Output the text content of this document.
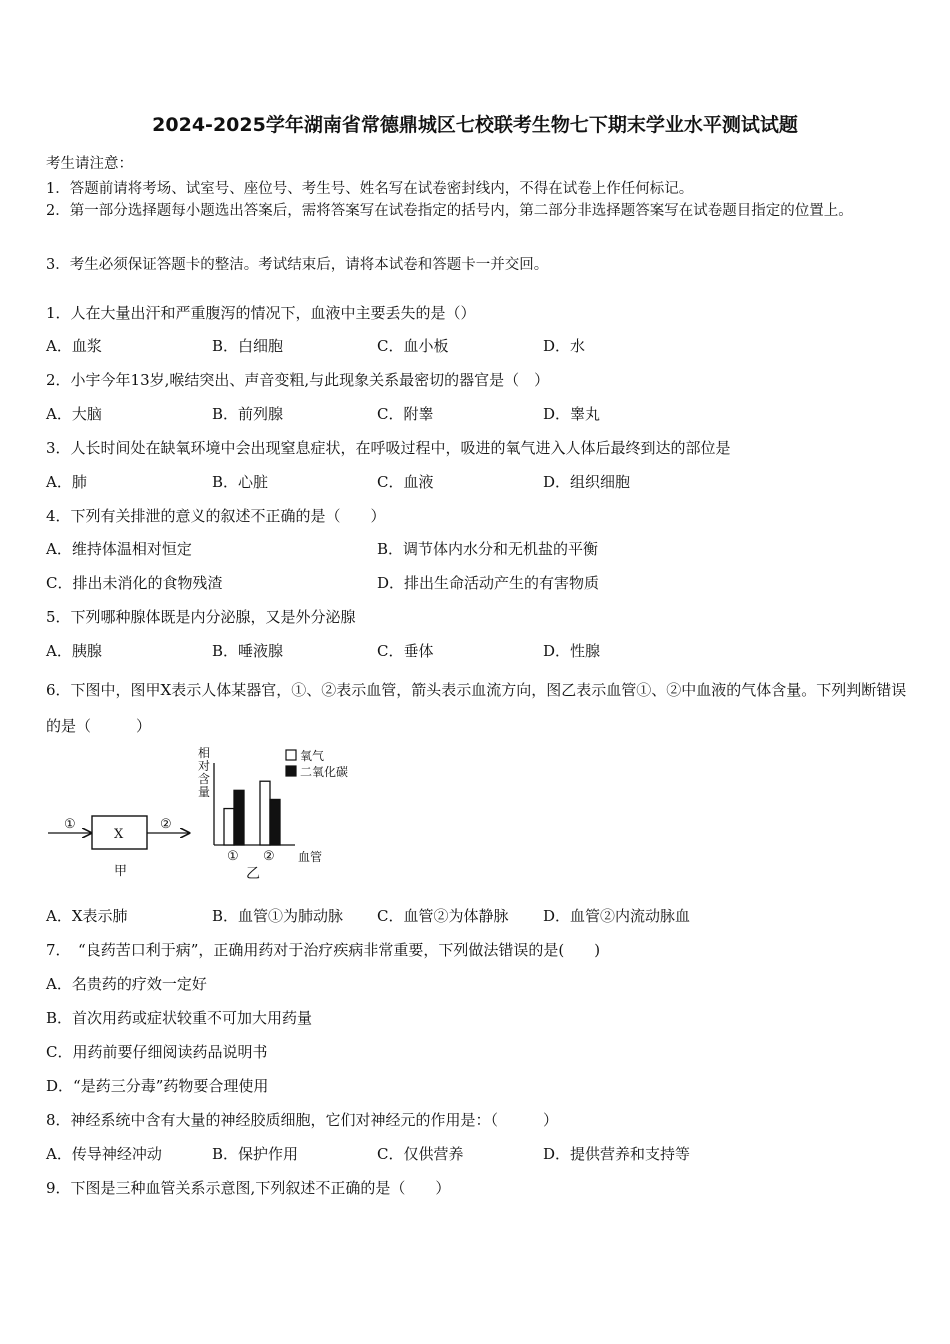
2024-2025学年湖南省常德鼎城区七校联考生物七下期末学业水平测试试题
考生请注意：
1．答题前请将考场、试室号、座位号、考生号、姓名写在试卷密封线内，不得在试卷上作任何标记。
2．第一部分选择题每小题选出答案后，需将答案写在试卷指定的括号内，第二部分非选择题答案写在试卷题目指定的位置上。
3．考生必须保证答题卡的整洁。考试结束后，请将本试卷和答题卡一并交回。
1．人在大量出汗和严重腹泻的情况下，血液中主要丢失的是（）
A．血浆	B．白细胞	C．血小板	D．水
2．小宇今年13岁,喉结突出、声音变粗,与此现象关系最密切的器官是（　）
A．大脑	B．前列腺	C．附睾	D．睾丸
3．人长时间处在缺氧环境中会出现窒息症状，在呼吸过程中，吸进的氧气进入人体后最终到达的部位是
A．肺	B．心脏	C．血液	D．组织细胞
4．下列有关排泄的意义的叙述不正确的是（　　）
A．维持体温相对恒定	B．调节体内水分和无机盐的平衡
C．排出未消化的食物残渣	D．排出生命活动产生的有害物质
5．下列哪种腺体既是内分泌腺，又是外分泌腺
A．胰腺	B．唾液腺	C．垂体	D．性腺
6．下图中，图甲X表示人体某器官，①、②表示血管，箭头表示血流方向，图乙表示血管①、②中血液的气体含量。下列判断错误的是（　　　）
①
X
②
甲
相对含量
血管
乙
氧气
二氧化碳
① ②
A．X表示肺	B．血管①为肺动脉 C．血管②为体静脉 D．血管②内流动脉血
7．　“良药苦口利于病”，正确用药对于治疗疾病非常重要，下列做法错误的是(　　)
A．名贵药的疗效一定好
B．首次用药或症状较重不可加大用药量
C．用药前要仔细阅读药品说明书
D．“是药三分毒”药物要合理使用
8．神经系统中含有大量的神经胶质细胞，它们对神经元的作用是：（　　　）
A．传导神经冲动	B．保护作用	C．仅供营养	D．提供营养和支持等
9．下图是三种血管关系示意图,下列叙述不正确的是（　　）
